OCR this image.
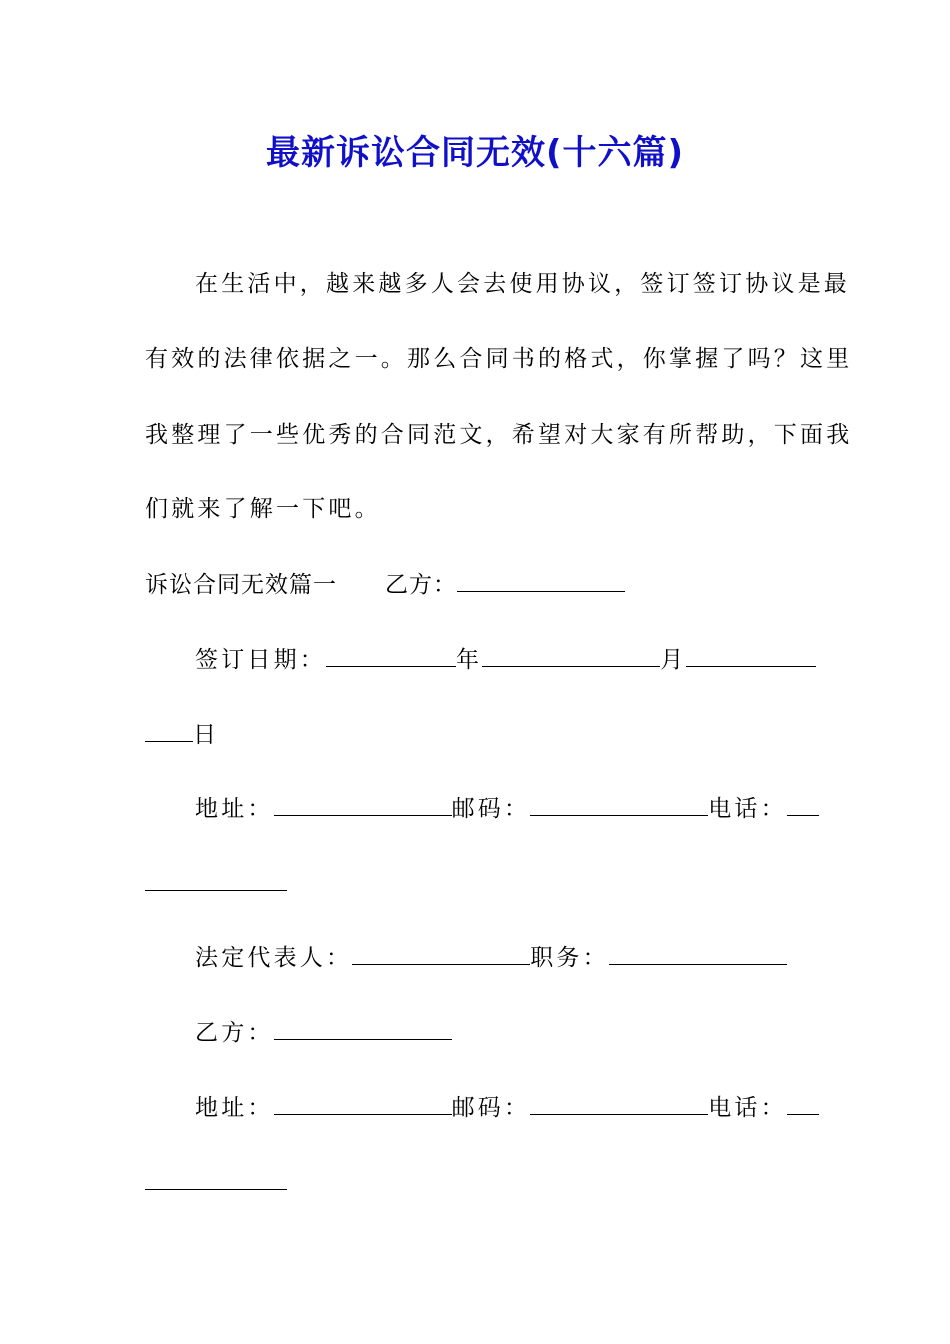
最新诉讼合同无效(十六篇)
在生活中，越来越多人会去使用协议，签订签订协议是最
有效的法律依据之一。那么合同书的格式，你掌握了吗？这里
我整理了一些优秀的合同范文，希望对大家有所帮助，下面我
们就来了解一下吧。
诉讼合同无效篇一 乙方：
签订日期：	年	月
日
地址：	邮码：	电话：
法定代表人：	职务：
乙方：
地址：	邮码：	电话：
